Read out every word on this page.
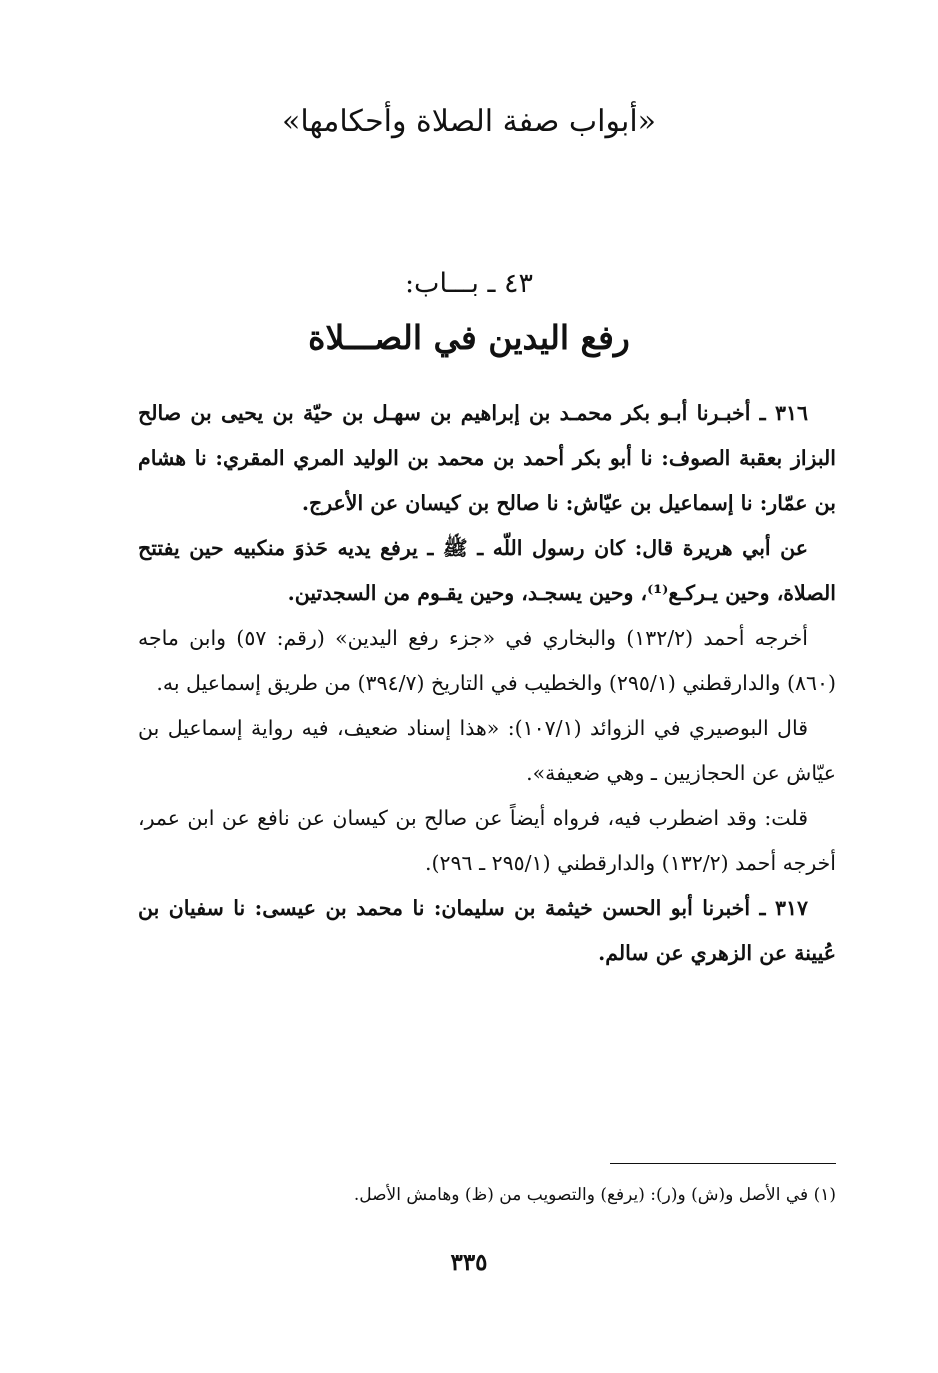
«أبواب صفة الصلاة وأحكامها»
٤٣ ـ بـــاب:
رفع اليدين في الصـــلاة

٣١٦ ـ أخبـرنا أبـو بكر محمـد بن إبراهيم بن سهـل بن حيّة بن يحيى بن صالح البزاز بعقبة الصوف: نا أبو بكر أحمد بن محمد بن الوليد المري المقري: نا هشام بن عمّار: نا إسماعيل بن عيّاش: نا صالح بن كيسان عن الأعرج.

عن أبي هريرة قال: كان رسول اللّه ـ ﷺ ـ يرفع يديه حَذوَ منكبيه حين يفتتح الصلاة، وحين يـركـع⁽¹⁾، وحين يسجـد، وحين يقـوم من السجدتين.

أخرجه أحمد (١٣٢/٢) والبخاري في «جزء رفع اليدين» (رقم: ٥٧) وابن ماجه (٨٦٠) والدارقطني (٢٩٥/١) والخطيب في التاريخ (٣٩٤/٧) من طريق إسماعيل به.

قال البوصيري في الزوائد (١٠٧/١): «هذا إسناد ضعيف، فيه رواية إسماعيل بن عيّاش عن الحجازيين ـ وهي ضعيفة».

قلت: وقد اضطرب فيه، فرواه أيضاً عن صالح بن كيسان عن نافع عن ابن عمر، أخرجه أحمد (١٣٢/٢) والدارقطني (٢٩٥/١ ـ ٢٩٦).

٣١٧ ـ أخبرنا أبو الحسن خيثمة بن سليمان: نا محمد بن عيسى: نا سفيان بن عُيينة عن الزهري عن سالم.

(١) في الأصل و(ش) و(ر): (يرفع) والتصويب من (ظ) وهامش الأصل.
٣٣٥
